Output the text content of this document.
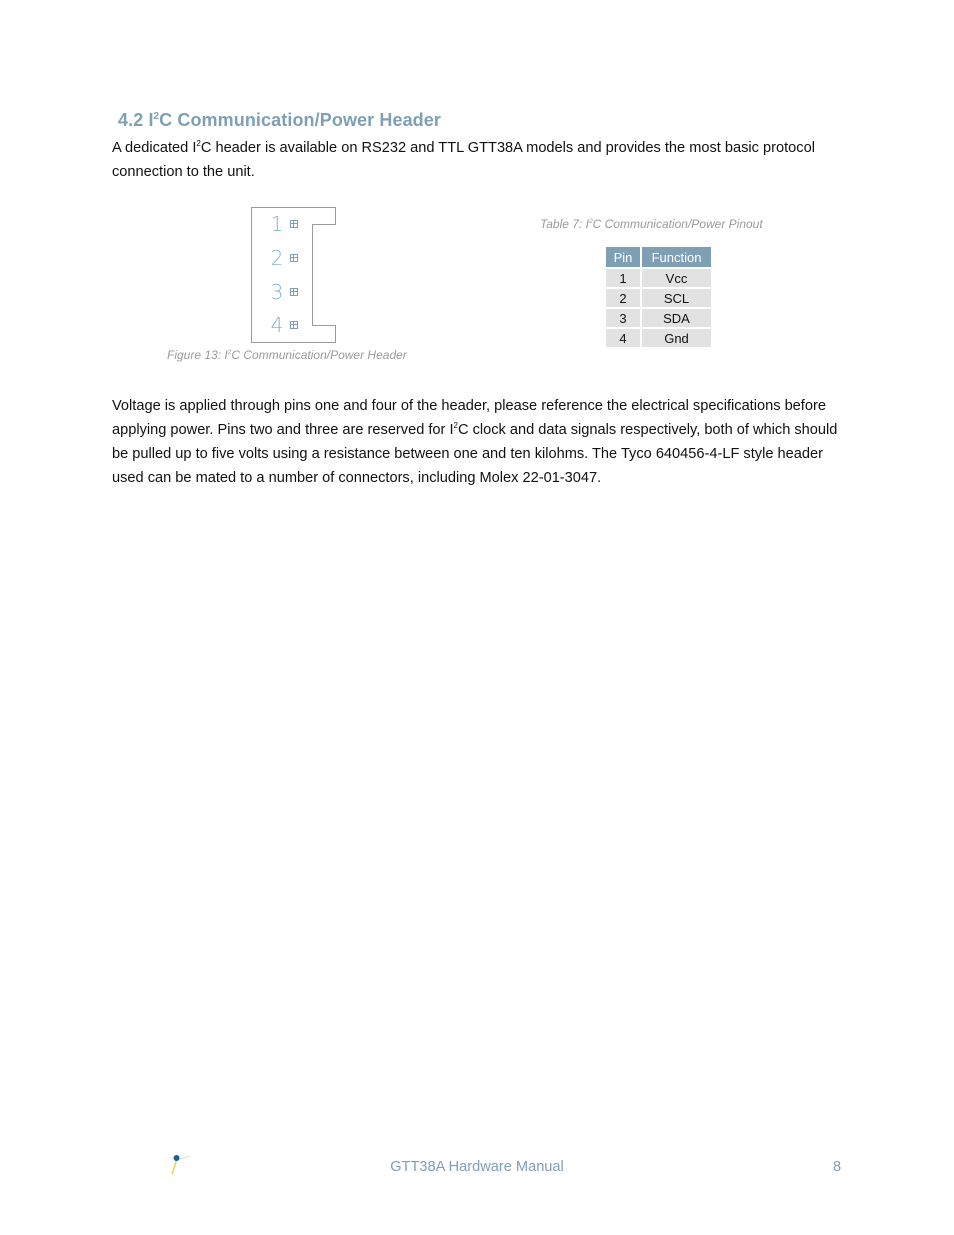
4.2 $I^2C$ Communication/Power Header
A dedicated $I^2C$ header is available on RS232 and TTL GTT38A models and provides the most basic protocol connection to the unit.
1
2
3
4
Figure 13: $I^2C$ Communication/Power Header
Table 7: $I^2C$ Communication/Power Pinout
Pin	Function
1	Vcc
2	SCL
3	SDA
4	Gnd
Voltage is applied through pins one and four of the header, please reference the electrical specifications before applying power. Pins two and three are reserved for $I^2C$ clock and data signals respectively, both of which should be pulled up to five volts using a resistance between one and ten kilohms. The Tyco 640456-4-LF style header used can be mated to a number of connectors, including Molex 22-01-3047.
GTT38A Hardware Manual	8
